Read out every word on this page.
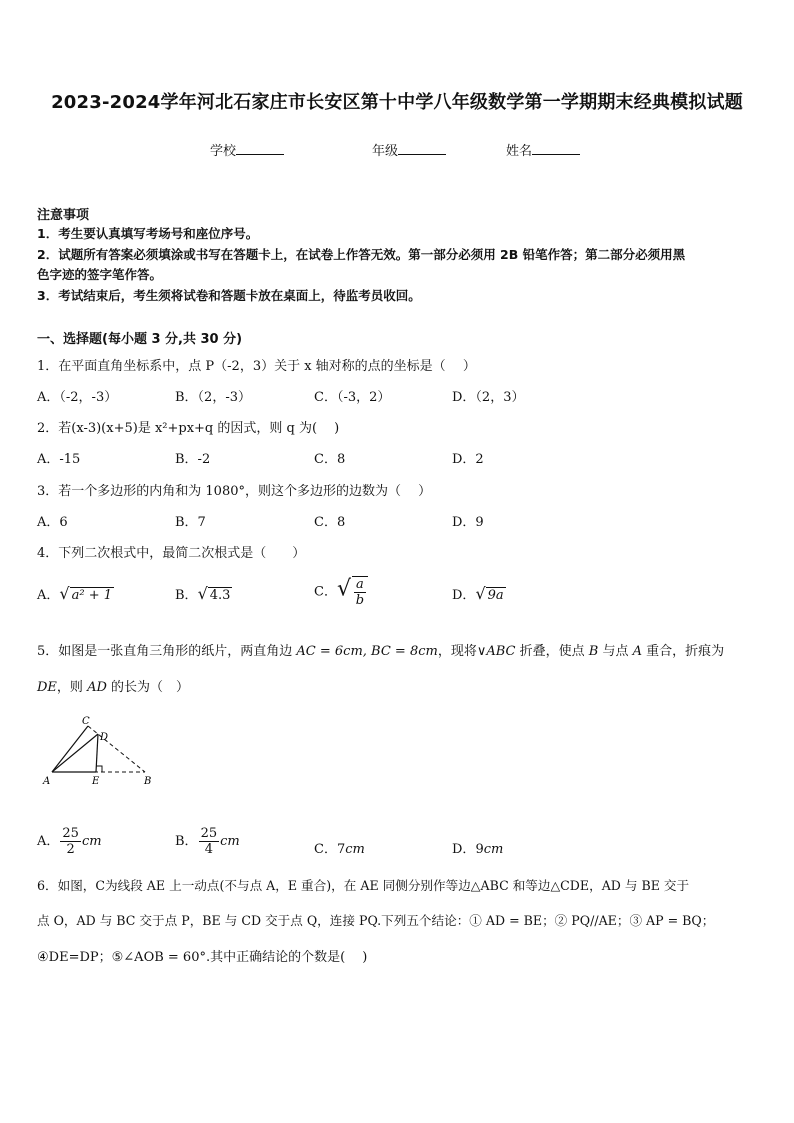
2023-2024学年河北石家庄市长安区第十中学八年级数学第一学期期末经典模拟试题
学校	年级	姓名
注意事项
1．考生要认真填写考场号和座位序号。
2．试题所有答案必须填涂或书写在答题卡上，在试卷上作答无效。第一部分必须用 2B 铅笔作答；第二部分必须用黑
色字迹的签字笔作答。
3．考试结束后，考生须将试卷和答题卡放在桌面上，待监考员收回。
一、选择题(每小题 3 分,共 30 分)
1．在平面直角坐标系中，点 P（-2，3）关于 x 轴对称的点的坐标是（　 ）
A．（-2，-3）	B．（2，-3）	C．（-3，2）	D．（2，3）
2．若(x-3)(x+5)是 x²+px+q 的因式，则 q 为(　 )
A．-15	B．-2	C．8	D．2
3．若一个多边形的内角和为 1080°，则这个多边形的边数为（　 ）
A．6	B．7	C．8	D．9
4．下列二次根式中，最简二次根式是（　　）
A．√ a² + 1	B．√ 4.3	C．√ $\frac{a}{b}$	D．√ 9a
5．如图是一张直角三角形的纸片，两直角边 AC = 6cm, BC = 8cm，现将∨ABC 折叠，使点 B 与点 A 重合，折痕为
DE，则 AD 的长为（　）
A	B
C
D
E
A． $\frac{25}{2}$ cm	B． $\frac{25}{4}$ cm
C．7cm	D．9cm
6．如图，C为线段 AE 上一动点(不与点 A，E 重合)，在 AE 同侧分别作等边△ABC 和等边△CDE，AD 与 BE 交于
点 O，AD 与 BC 交于点 P，BE 与 CD 交于点 Q，连接 PQ.下列五个结论：① AD = BE；② PQ//AE；③ AP = BQ；
④DE=DP；⑤∠AOB = 60°.其中正确结论的个数是(　 )
